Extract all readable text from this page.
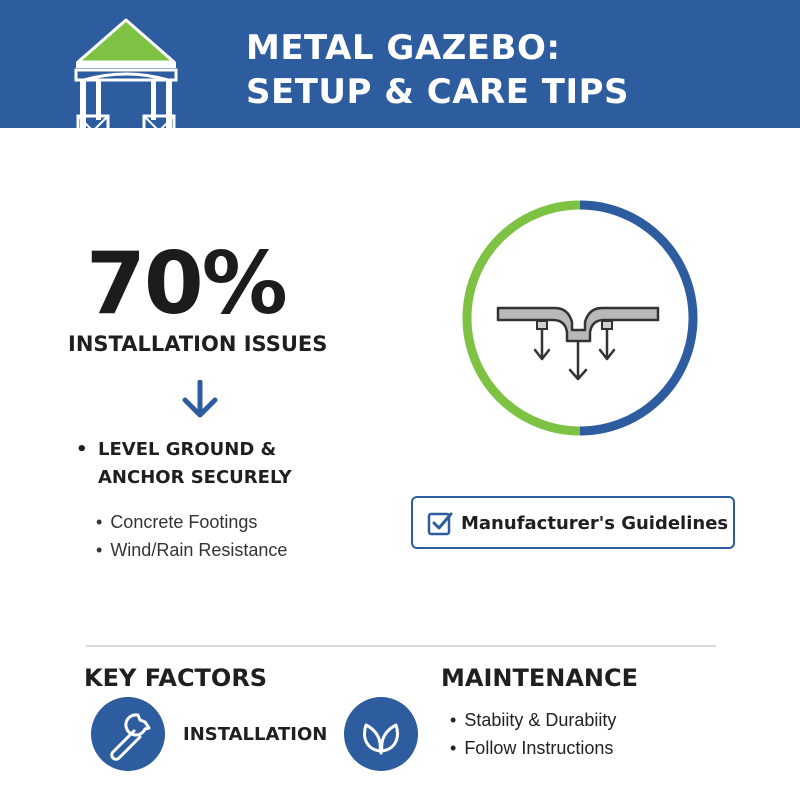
METAL GAZEBO:
SETUP & CARE TIPS
70%
INSTALLATION ISSUES
• LEVEL GROUND & ANCHOR SECURELY
• Concrete Footings
• Wind/Rain Resistance
Manufacturer's Guidelines
KEY FACTORS
INSTALLATION
MAINTENANCE
• Stabiity & Durabiity
• Follow Instructions
